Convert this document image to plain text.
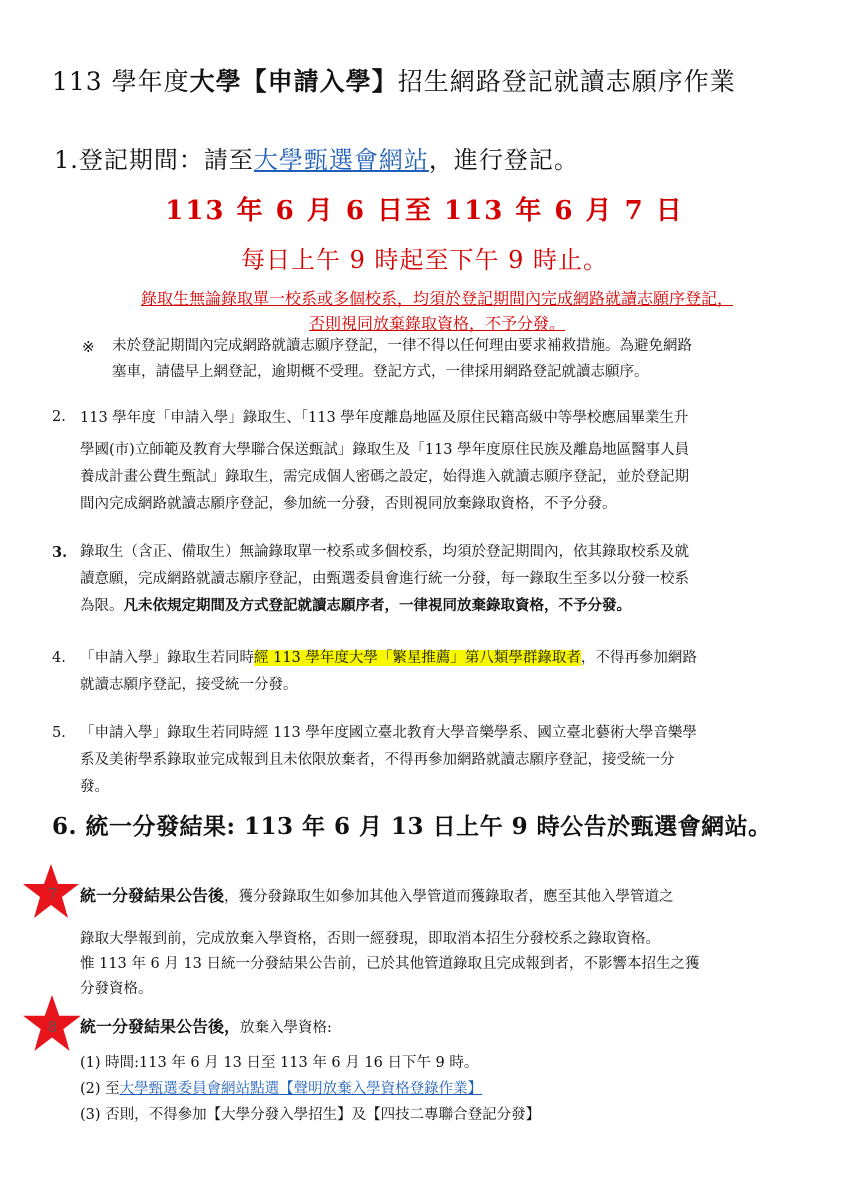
113 學年度大學【申請入學】招生網路登記就讀志願序作業
1.登記期間：請至大學甄選會網站，進行登記。
113 年 6 月 6 日至 113 年 6 月 7 日
每日上午 9 時起至下午 9 時止。
錄取生無論錄取單一校系或多個校系，均須於登記期間內完成網路就讀志願序登記，
否則視同放棄錄取資格，不予分發。
※ 未於登記期間內完成網路就讀志願序登記，一律不得以任何理由要求補救措施。為避免網路
塞車，請儘早上網登記，逾期概不受理。登記方式，一律採用網路登記就讀志願序。
2. 113 學年度「申請入學」錄取生、「113 學年度離島地區及原住民籍高級中等學校應屆畢業生升
學國(市)立師範及教育大學聯合保送甄試」錄取生及「113 學年度原住民族及離島地區醫事人員
養成計畫公費生甄試」錄取生，需完成個人密碼之設定，始得進入就讀志願序登記，並於登記期
間內完成網路就讀志願序登記，參加統一分發，否則視同放棄錄取資格，不予分發。
3. 錄取生（含正、備取生）無論錄取單一校系或多個校系，均須於登記期間內，依其錄取校系及就
讀意願，完成網路就讀志願序登記，由甄選委員會進行統一分發，每一錄取生至多以分發一校系
為限。凡未依規定期間及方式登記就讀志願序者，一律視同放棄錄取資格，不予分發。
4. 「申請入學」錄取生若同時經 113 學年度大學「繁星推薦」第八類學群錄取者，不得再參加網路
就讀志願序登記，接受統一分發。
5. 「申請入學」錄取生若同時經 113 學年度國立臺北教育大學音樂學系、國立臺北藝術大學音樂學
系及美術學系錄取並完成報到且未依限放棄者，不得再參加網路就讀志願序登記，接受統一分
發。
6. 統一分發結果: 113 年 6 月 13 日上午 9 時公告於甄選會網站。
7 統一分發結果公告後，獲分發錄取生如參加其他入學管道而獲錄取者，應至其他入學管道之
錄取大學報到前，完成放棄入學資格，否則一經發現，即取消本招生分發校系之錄取資格。
惟 113 年 6 月 13 日統一分發結果公告前，已於其他管道錄取且完成報到者，不影響本招生之獲
分發資格。
8 統一分發結果公告後，放棄入學資格:
(1) 時間:113 年 6 月 13 日至 113 年 6 月 16 日下午 9 時。
(2) 至大學甄選委員會網站點選【聲明放棄入學資格登錄作業】
(3) 否則，不得參加【大學分發入學招生】及【四技二專聯合登記分發】
